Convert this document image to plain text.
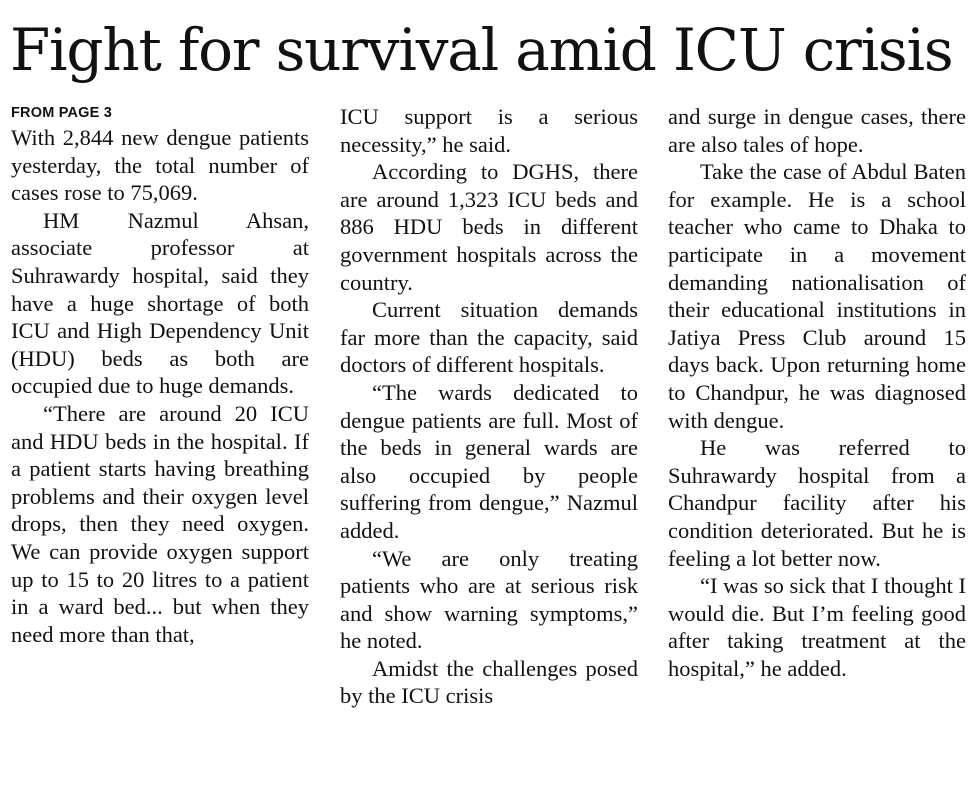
Fight for survival amid ICU crisis
FROM PAGE 3

With 2,844 new dengue patients yesterday, the total number of cases rose to 75,069.

HM Nazmul Ahsan, associate professor at Suhrawardy hospital, said they have a huge shortage of both ICU and High Dependency Unit (HDU) beds as both are occupied due to huge demands.

“There are around 20 ICU and HDU beds in the hospital. If a patient starts having breathing problems and their oxygen level drops, then they need oxygen. We can provide oxygen support up to 15 to 20 litres to a patient in a ward bed... but when they need more than that,

ICU support is a serious necessity,” he said.

According to DGHS, there are around 1,323 ICU beds and 886 HDU beds in different government hospitals across the country.

Current situation demands far more than the capacity, said doctors of different hospitals.

“The wards dedicated to dengue patients are full. Most of the beds in general wards are also occupied by people suffering from dengue,” Nazmul added.

“We are only treating patients who are at serious risk and show warning symptoms,” he noted.

Amidst the challenges posed by the ICU crisis

and surge in dengue cases, there are also tales of hope.

Take the case of Abdul Baten for example. He is a school teacher who came to Dhaka to participate in a movement demanding nationalisation of their educational institutions in Jatiya Press Club around 15 days back. Upon returning home to Chandpur, he was diagnosed with dengue.

He was referred to Suhrawardy hospital from a Chandpur facility after his condition deteriorated. But he is feeling a lot better now.

“I was so sick that I thought I would die. But I’m feeling good after taking treatment at the hospital,” he added.
